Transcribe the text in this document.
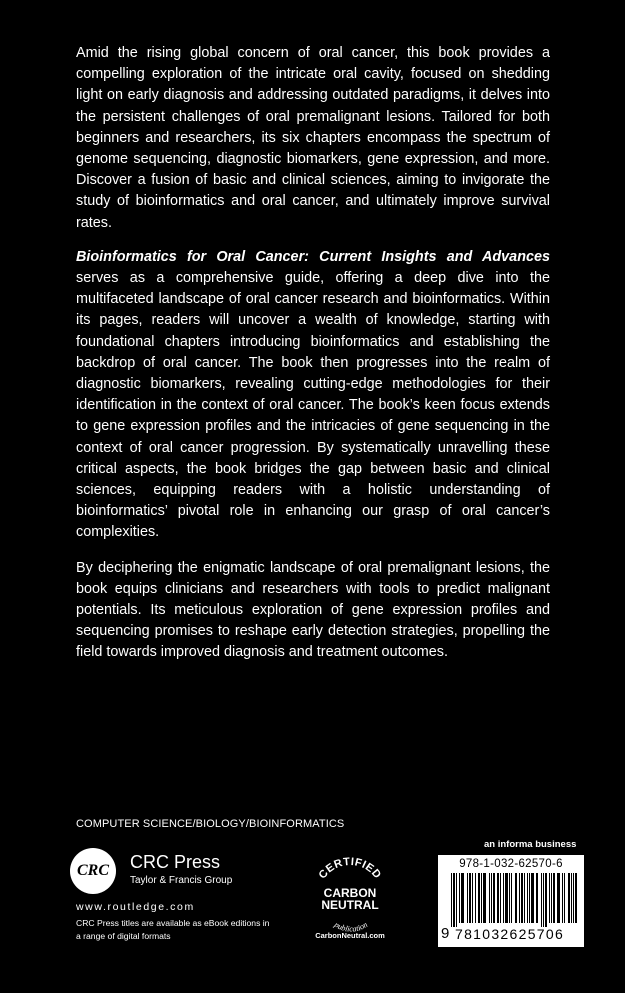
Amid the rising global concern of oral cancer, this book provides a compelling exploration of the intricate oral cavity, focused on shedding light on early diagnosis and addressing outdated paradigms, it delves into the persistent challenges of oral premalignant lesions. Tailored for both beginners and researchers, its six chapters encompass the spectrum of genome sequencing, diagnostic biomarkers, gene expression, and more. Discover a fusion of basic and clinical sciences, aiming to invigorate the study of bioinformatics and oral cancer, and ultimately improve survival rates.

Bioinformatics for Oral Cancer: Current Insights and Advances serves as a comprehensive guide, offering a deep dive into the multifaceted landscape of oral cancer research and bioinformatics. Within its pages, readers will uncover a wealth of knowledge, starting with foundational chapters introducing bioinformatics and establishing the backdrop of oral cancer. The book then progresses into the realm of diagnostic biomarkers, revealing cutting-edge methodologies for their identification in the context of oral cancer. The book’s keen focus extends to gene expression profiles and the intricacies of gene sequencing in the context of oral cancer progression. By systematically unravelling these critical aspects, the book bridges the gap between basic and clinical sciences, equipping readers with a holistic understanding of bioinformatics’ pivotal role in enhancing our grasp of oral cancer’s complexities.

By deciphering the enigmatic landscape of oral premalignant lesions, the book equips clinicians and researchers with tools to predict malignant potentials. Its meticulous exploration of gene expression profiles and sequencing promises to reshape early detection strategies, propelling the field towards improved diagnosis and treatment outcomes.

COMPUTER SCIENCE/BIOLOGY/BIOINFORMATICS
CRC	CRC Press
Taylor & Francis Group
www.routledge.com
CRC Press titles are available as eBook editions in a range of digital formats
CERTIFIED
CARBON
NEUTRAL
publication
CarbonNeutral.com
an informa business
978-1-032-62570-6
9 781032625706
